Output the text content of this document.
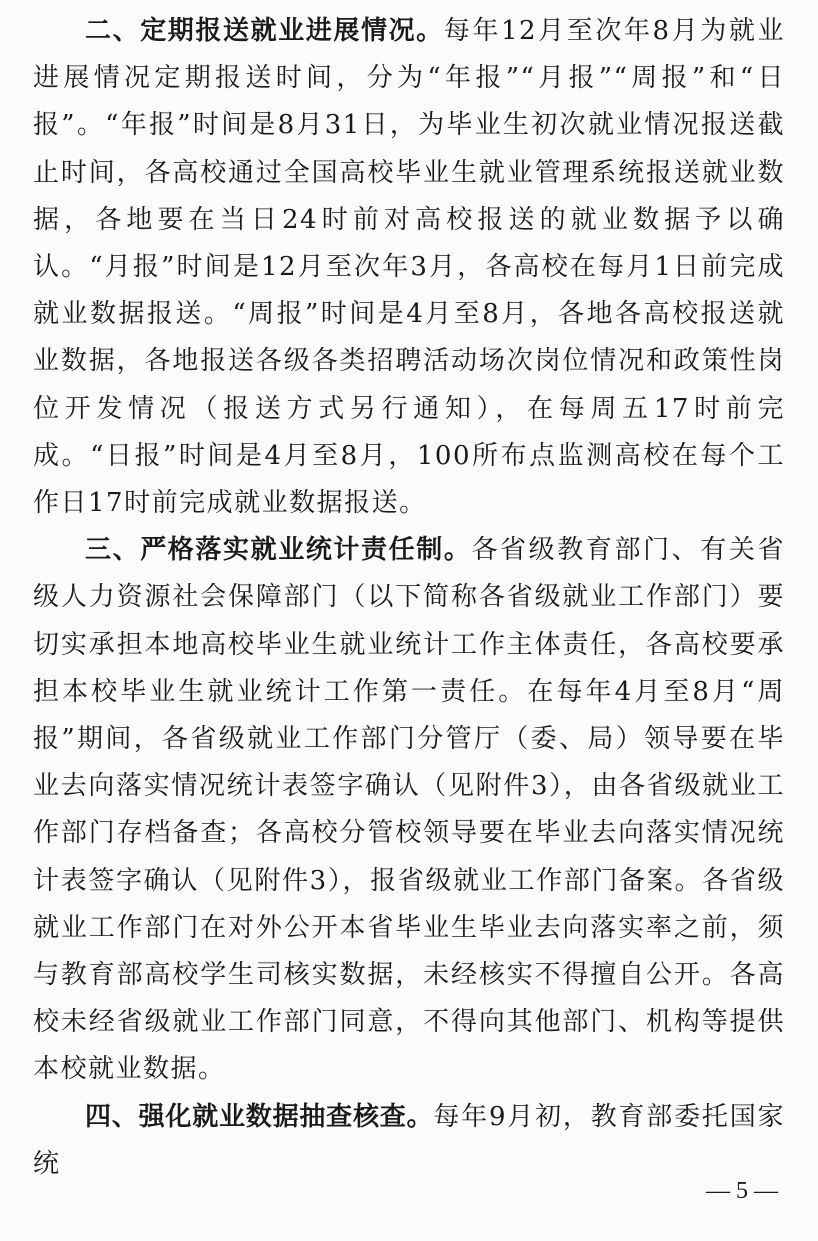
二、定期报送就业进展情况。每年12月至次年8月为就业进展情况定期报送时间，分为“年报”“月报”“周报”和“日报”。“年报”时间是8月31日，为毕业生初次就业情况报送截止时间，各高校通过全国高校毕业生就业管理系统报送就业数据，各地要在当日24时前对高校报送的就业数据予以确认。“月报”时间是12月至次年3月，各高校在每月1日前完成就业数据报送。“周报”时间是4月至8月，各地各高校报送就业数据，各地报送各级各类招聘活动场次岗位情况和政策性岗位开发情况（报送方式另行通知），在每周五17时前完成。“日报”时间是4月至8月，100所布点监测高校在每个工作日17时前完成就业数据报送。

三、严格落实就业统计责任制。各省级教育部门、有关省级人力资源社会保障部门（以下简称各省级就业工作部门）要切实承担本地高校毕业生就业统计工作主体责任，各高校要承担本校毕业生就业统计工作第一责任。在每年4月至8月“周报”期间，各省级就业工作部门分管厅（委、局）领导要在毕业去向落实情况统计表签字确认（见附件3），由各省级就业工作部门存档备查；各高校分管校领导要在毕业去向落实情况统计表签字确认（见附件3），报省级就业工作部门备案。各省级就业工作部门在对外公开本省毕业生毕业去向落实率之前，须与教育部高校学生司核实数据，未经核实不得擅自公开。各高校未经省级就业工作部门同意，不得向其他部门、机构等提供本校就业数据。

四、强化就业数据抽查核查。每年9月初，教育部委托国家统

— 5 —
